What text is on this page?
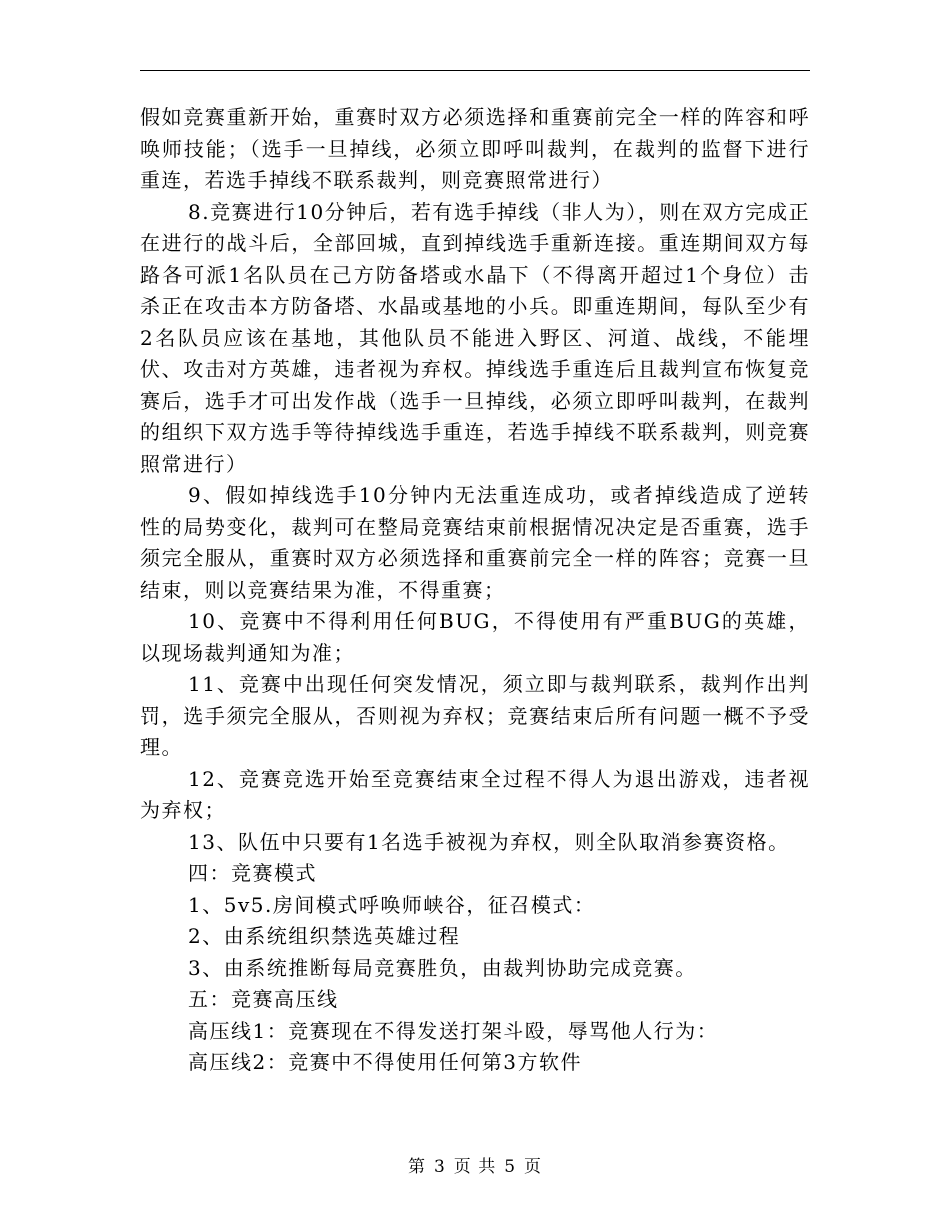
假如竞赛重新开始，重赛时双方必须选择和重赛前完全一样的阵容和呼唤师技能；（选手一旦掉线，必须立即呼叫裁判，在裁判的监督下进行重连，若选手掉线不联系裁判，则竞赛照常进行）

8.竞赛进行10分钟后，若有选手掉线（非人为），则在双方完成正在进行的战斗后，全部回城，直到掉线选手重新连接。重连期间双方每路各可派1名队员在己方防备塔或水晶下（不得离开超过1个身位）击杀正在攻击本方防备塔、水晶或基地的小兵。即重连期间，每队至少有2名队员应该在基地，其他队员不能进入野区、河道、战线，不能埋伏、攻击对方英雄，违者视为弃权。掉线选手重连后且裁判宣布恢复竞赛后，选手才可出发作战（选手一旦掉线，必须立即呼叫裁判，在裁判的组织下双方选手等待掉线选手重连，若选手掉线不联系裁判，则竞赛照常进行）

9、假如掉线选手10分钟内无法重连成功，或者掉线造成了逆转性的局势变化，裁判可在整局竞赛结束前根据情况决定是否重赛，选手须完全服从，重赛时双方必须选择和重赛前完全一样的阵容；竞赛一旦结束，则以竞赛结果为准，不得重赛；

10、竞赛中不得利用任何BUG，不得使用有严重BUG的英雄，以现场裁判通知为准；

11、竞赛中出现任何突发情况，须立即与裁判联系，裁判作出判罚，选手须完全服从，否则视为弃权；竞赛结束后所有问题一概不予受理。

12、竞赛竞选开始至竞赛结束全过程不得人为退出游戏，违者视为弃权；

13、队伍中只要有1名选手被视为弃权，则全队取消参赛资格。

四：竞赛模式

1、5v5.房间模式呼唤师峡谷，征召模式：

2、由系统组织禁选英雄过程

3、由系统推断每局竞赛胜负，由裁判协助完成竞赛。

五：竞赛高压线

高压线1：竞赛现在不得发送打架斗殴，辱骂他人行为：

高压线2：竞赛中不得使用任何第3方软件

第 3 页 共 5 页
